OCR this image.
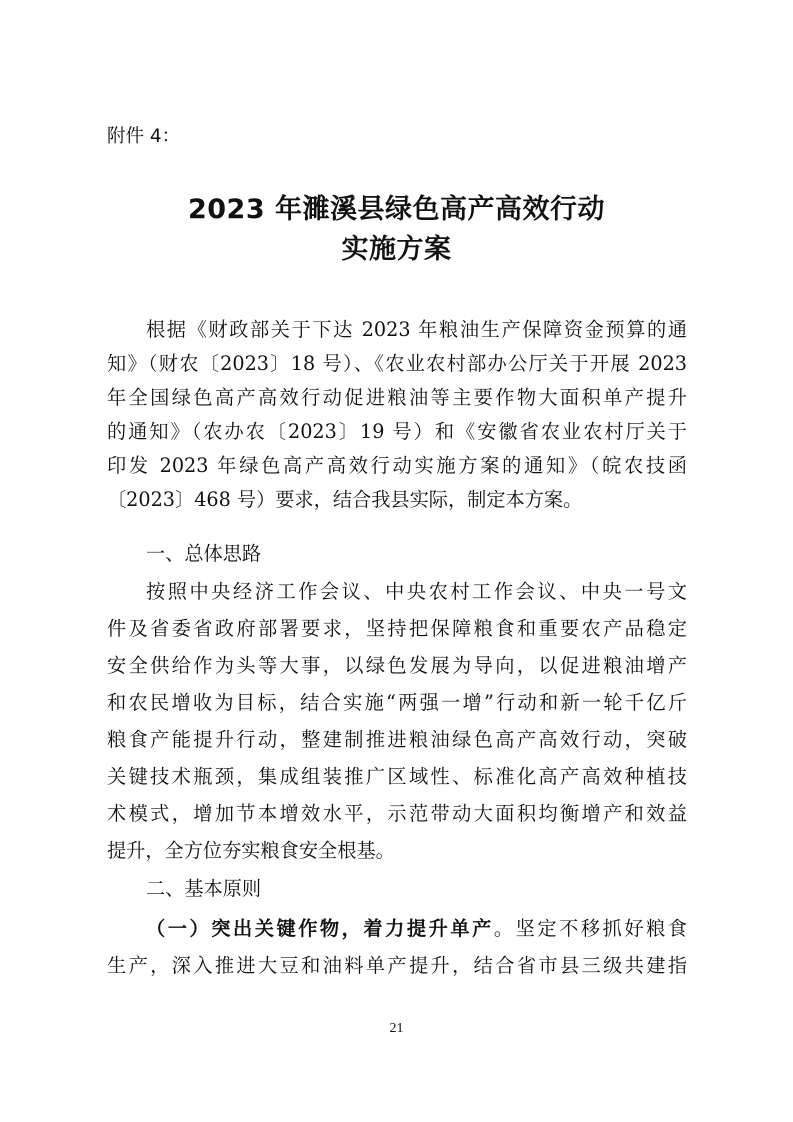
附件 4：
2023 年濉溪县绿色高产高效行动
实施方案
根据《财政部关于下达 2023 年粮油生产保障资金预算的通
知》（财农〔2023〕18 号）、《农业农村部办公厅关于开展 2023
年全国绿色高产高效行动促进粮油等主要作物大面积单产提升
的通知》（农办农〔2023〕19 号）和《安徽省农业农村厅关于
印发 2023 年绿色高产高效行动实施方案的通知》（皖农技函
〔2023〕468 号）要求，结合我县实际，制定本方案。
一、总体思路
按照中央经济工作会议、中央农村工作会议、中央一号文
件及省委省政府部署要求，坚持把保障粮食和重要农产品稳定
安全供给作为头等大事，以绿色发展为导向，以促进粮油增产
和农民增收为目标，结合实施“两强一增”行动和新一轮千亿斤
粮食产能提升行动，整建制推进粮油绿色高产高效行动，突破
关键技术瓶颈，集成组装推广区域性、标准化高产高效种植技
术模式，增加节本增效水平，示范带动大面积均衡增产和效益
提升，全方位夯实粮食安全根基。
二、基本原则
（一）突出关键作物，着力提升单产。坚定不移抓好粮食
生产，深入推进大豆和油料单产提升，结合省市县三级共建指
21
